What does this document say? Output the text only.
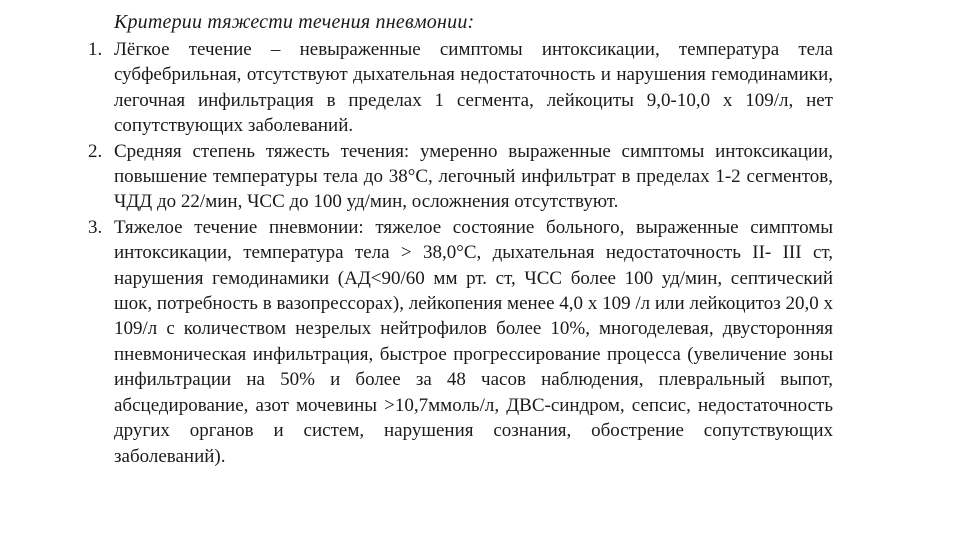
Критерии тяжести течения пневмонии:
1. Лёгкое течение – невыраженные симптомы интоксикации, температура тела субфебрильная, отсутствуют дыхательная недостаточность и нарушения гемодинамики, легочная инфильтрация в пределах 1 сегмента, лейкоциты 9,0-10,0 х 109/л, нет сопутствующих заболеваний.
2. Средняя степень тяжесть течения: умеренно выраженные симптомы интоксикации, повышение температуры тела до 38°С, легочный инфильтрат в пределах 1-2 сегментов, ЧДД до 22/мин, ЧСС до 100 уд/мин, осложнения отсутствуют.
3. Тяжелое течение пневмонии: тяжелое состояние больного, выраженные симптомы интоксикации, температура тела > 38,0°С, дыхательная недостаточность II- III ст, нарушения гемодинамики (АД<90/60 мм рт. ст, ЧСС более 100 уд/мин, септический шок, потребность в вазопрессорах), лейкопения менее 4,0 х 109 /л или лейкоцитоз 20,0 х 109/л с количеством незрелых нейтрофилов более 10%, многоделевая, двусторонняя пневмоническая инфильтрация, быстрое прогрессирование процесса (увеличение зоны инфильтрации на 50% и более за 48 часов наблюдения, плевральный выпот, абсцедирование, азот мочевины >10,7ммоль/л, ДВС-синдром, сепсис, недостаточность других органов и систем, нарушения сознания, обострение сопутствующих заболеваний).
